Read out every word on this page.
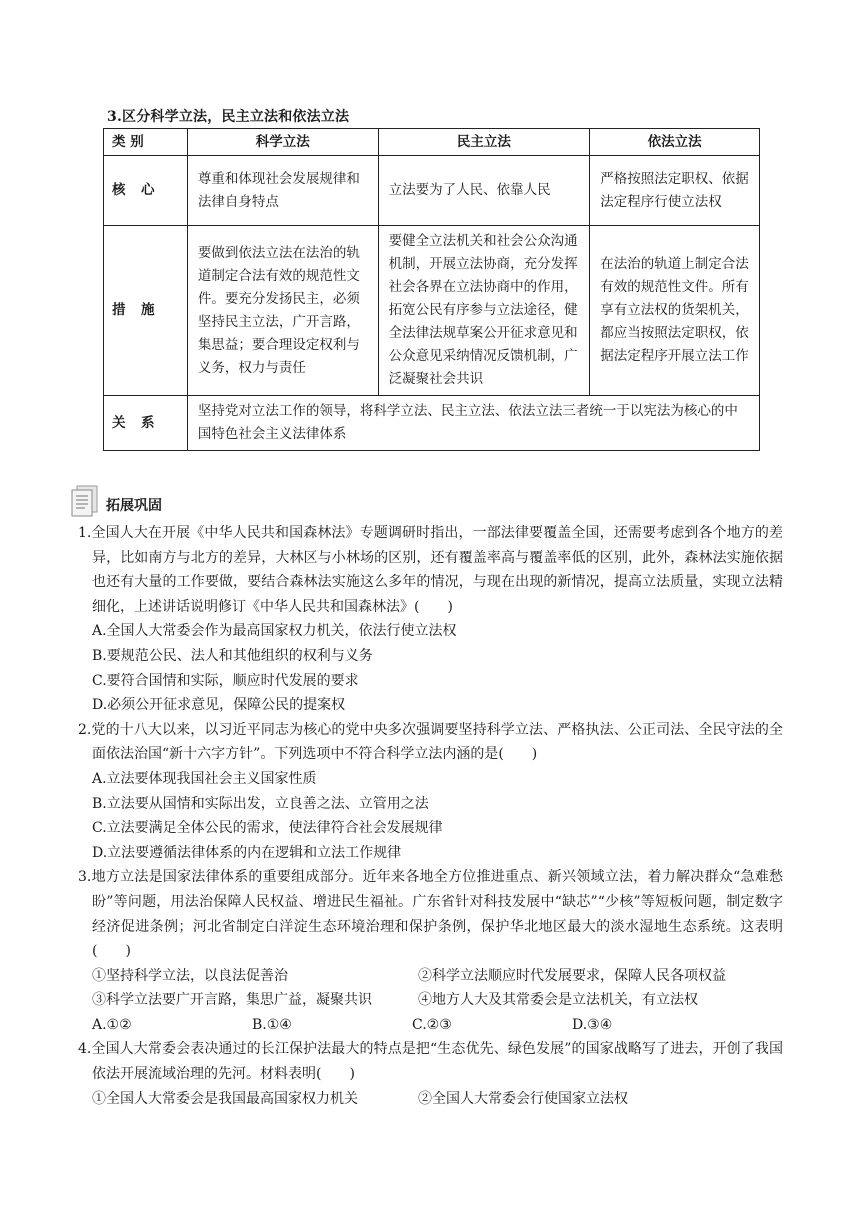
3.区分科学立法，民主立法和依法立法
类 别	科学立法	民主立法	依法立法
核　心	尊重和体现社会发展规律和法律自身特点	立法要为了人民、依靠人民	严格按照法定职权、依据法定程序行使立法权
措　施	要做到依法立法在法治的轨道制定合法有效的规范性文件。要充分发扬民主，必须坚持民主立法，广开言路，集思益；要合理设定权利与义务，权力与责任	要健全立法机关和社会公众沟通机制，开展立法协商，充分发挥社会各界在立法协商中的作用，拓宽公民有序参与立法途径，健全法律法规草案公开征求意见和公众意见采纳情况反馈机制，广泛凝聚社会共识	在法治的轨道上制定合法有效的规范性文件。所有享有立法权的货架机关，都应当按照法定职权，依据法定程序开展立法工作
关　系	坚持党对立法工作的领导，将科学立法、民主立法、依法立法三者统一于以宪法为核心的中国特色社会主义法律体系		
拓展巩固
1.全国人大在开展《中华人民共和国森林法》专题调研时指出，一部法律要覆盖全国，还需要考虑到各个地方的差异，比如南方与北方的差异，大林区与小林场的区别，还有覆盖率高与覆盖率低的区别，此外，森林法实施依据也还有大量的工作要做，要结合森林法实施这么多年的情况，与现在出现的新情况，提高立法质量，实现立法精细化，上述讲话说明修订《中华人民共和国森林法》(　　)
A.全国人大常委会作为最高国家权力机关，依法行使立法权
B.要规范公民、法人和其他组织的权利与义务
C.要符合国情和实际，顺应时代发展的要求
D.必须公开征求意见，保障公民的提案权
2.党的十八大以来，以习近平同志为核心的党中央多次强调要坚持科学立法、严格执法、公正司法、全民守法的全面依法治国“新十六字方针”。下列选项中不符合科学立法内涵的是(　　)
A.立法要体现我国社会主义国家性质
B.立法要从国情和实际出发，立良善之法、立管用之法
C.立法要满足全体公民的需求，使法律符合社会发展规律
D.立法要遵循法律体系的内在逻辑和立法工作规律
3.地方立法是国家法律体系的重要组成部分。近年来各地全方位推进重点、新兴领域立法，着力解决群众“急难愁盼”等问题，用法治保障人民权益、增进民生福祉。广东省针对科技发展中“缺芯”“少核”等短板问题，制定数字经济促进条例；河北省制定白洋淀生态环境治理和保护条例，保护华北地区最大的淡水湿地生态系统。这表明(　　)
①坚持科学立法，以良法促善治	②科学立法顺应时代发展要求，保障人民各项权益
③科学立法要广开言路，集思广益，凝聚共识	④地方人大及其常委会是立法机关，有立法权
A.①②	B.①④	C.②③	D.③④
4.全国人大常委会表决通过的长江保护法最大的特点是把“生态优先、绿色发展”的国家战略写了进去，开创了我国依法开展流域治理的先河。材料表明(　　)
①全国人大常委会是我国最高国家权力机关	②全国人大常委会行使国家立法权
